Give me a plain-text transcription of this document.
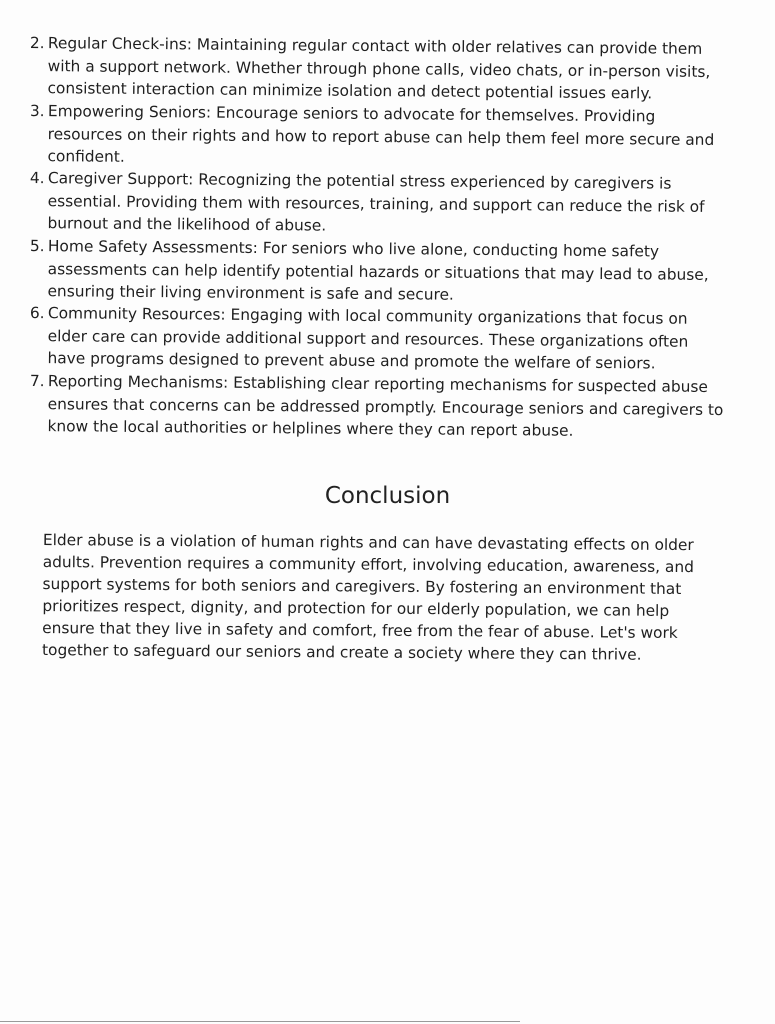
2. Regular Check-ins: Maintaining regular contact with older relatives can provide them with a support network. Whether through phone calls, video chats, or in-person visits, consistent interaction can minimize isolation and detect potential issues early.
3. Empowering Seniors: Encourage seniors to advocate for themselves. Providing resources on their rights and how to report abuse can help them feel more secure and confident.
4. Caregiver Support: Recognizing the potential stress experienced by caregivers is essential. Providing them with resources, training, and support can reduce the risk of burnout and the likelihood of abuse.
5. Home Safety Assessments: For seniors who live alone, conducting home safety assessments can help identify potential hazards or situations that may lead to abuse, ensuring their living environment is safe and secure.
6. Community Resources: Engaging with local community organizations that focus on elder care can provide additional support and resources. These organizations often have programs designed to prevent abuse and promote the welfare of seniors.
7. Reporting Mechanisms: Establishing clear reporting mechanisms for suspected abuse ensures that concerns can be addressed promptly. Encourage seniors and caregivers to know the local authorities or helplines where they can report abuse.
Conclusion

Elder abuse is a violation of human rights and can have devastating effects on older adults. Prevention requires a community effort, involving education, awareness, and support systems for both seniors and caregivers. By fostering an environment that prioritizes respect, dignity, and protection for our elderly population, we can help ensure that they live in safety and comfort, free from the fear of abuse. Let's work together to safeguard our seniors and create a society where they can thrive.
